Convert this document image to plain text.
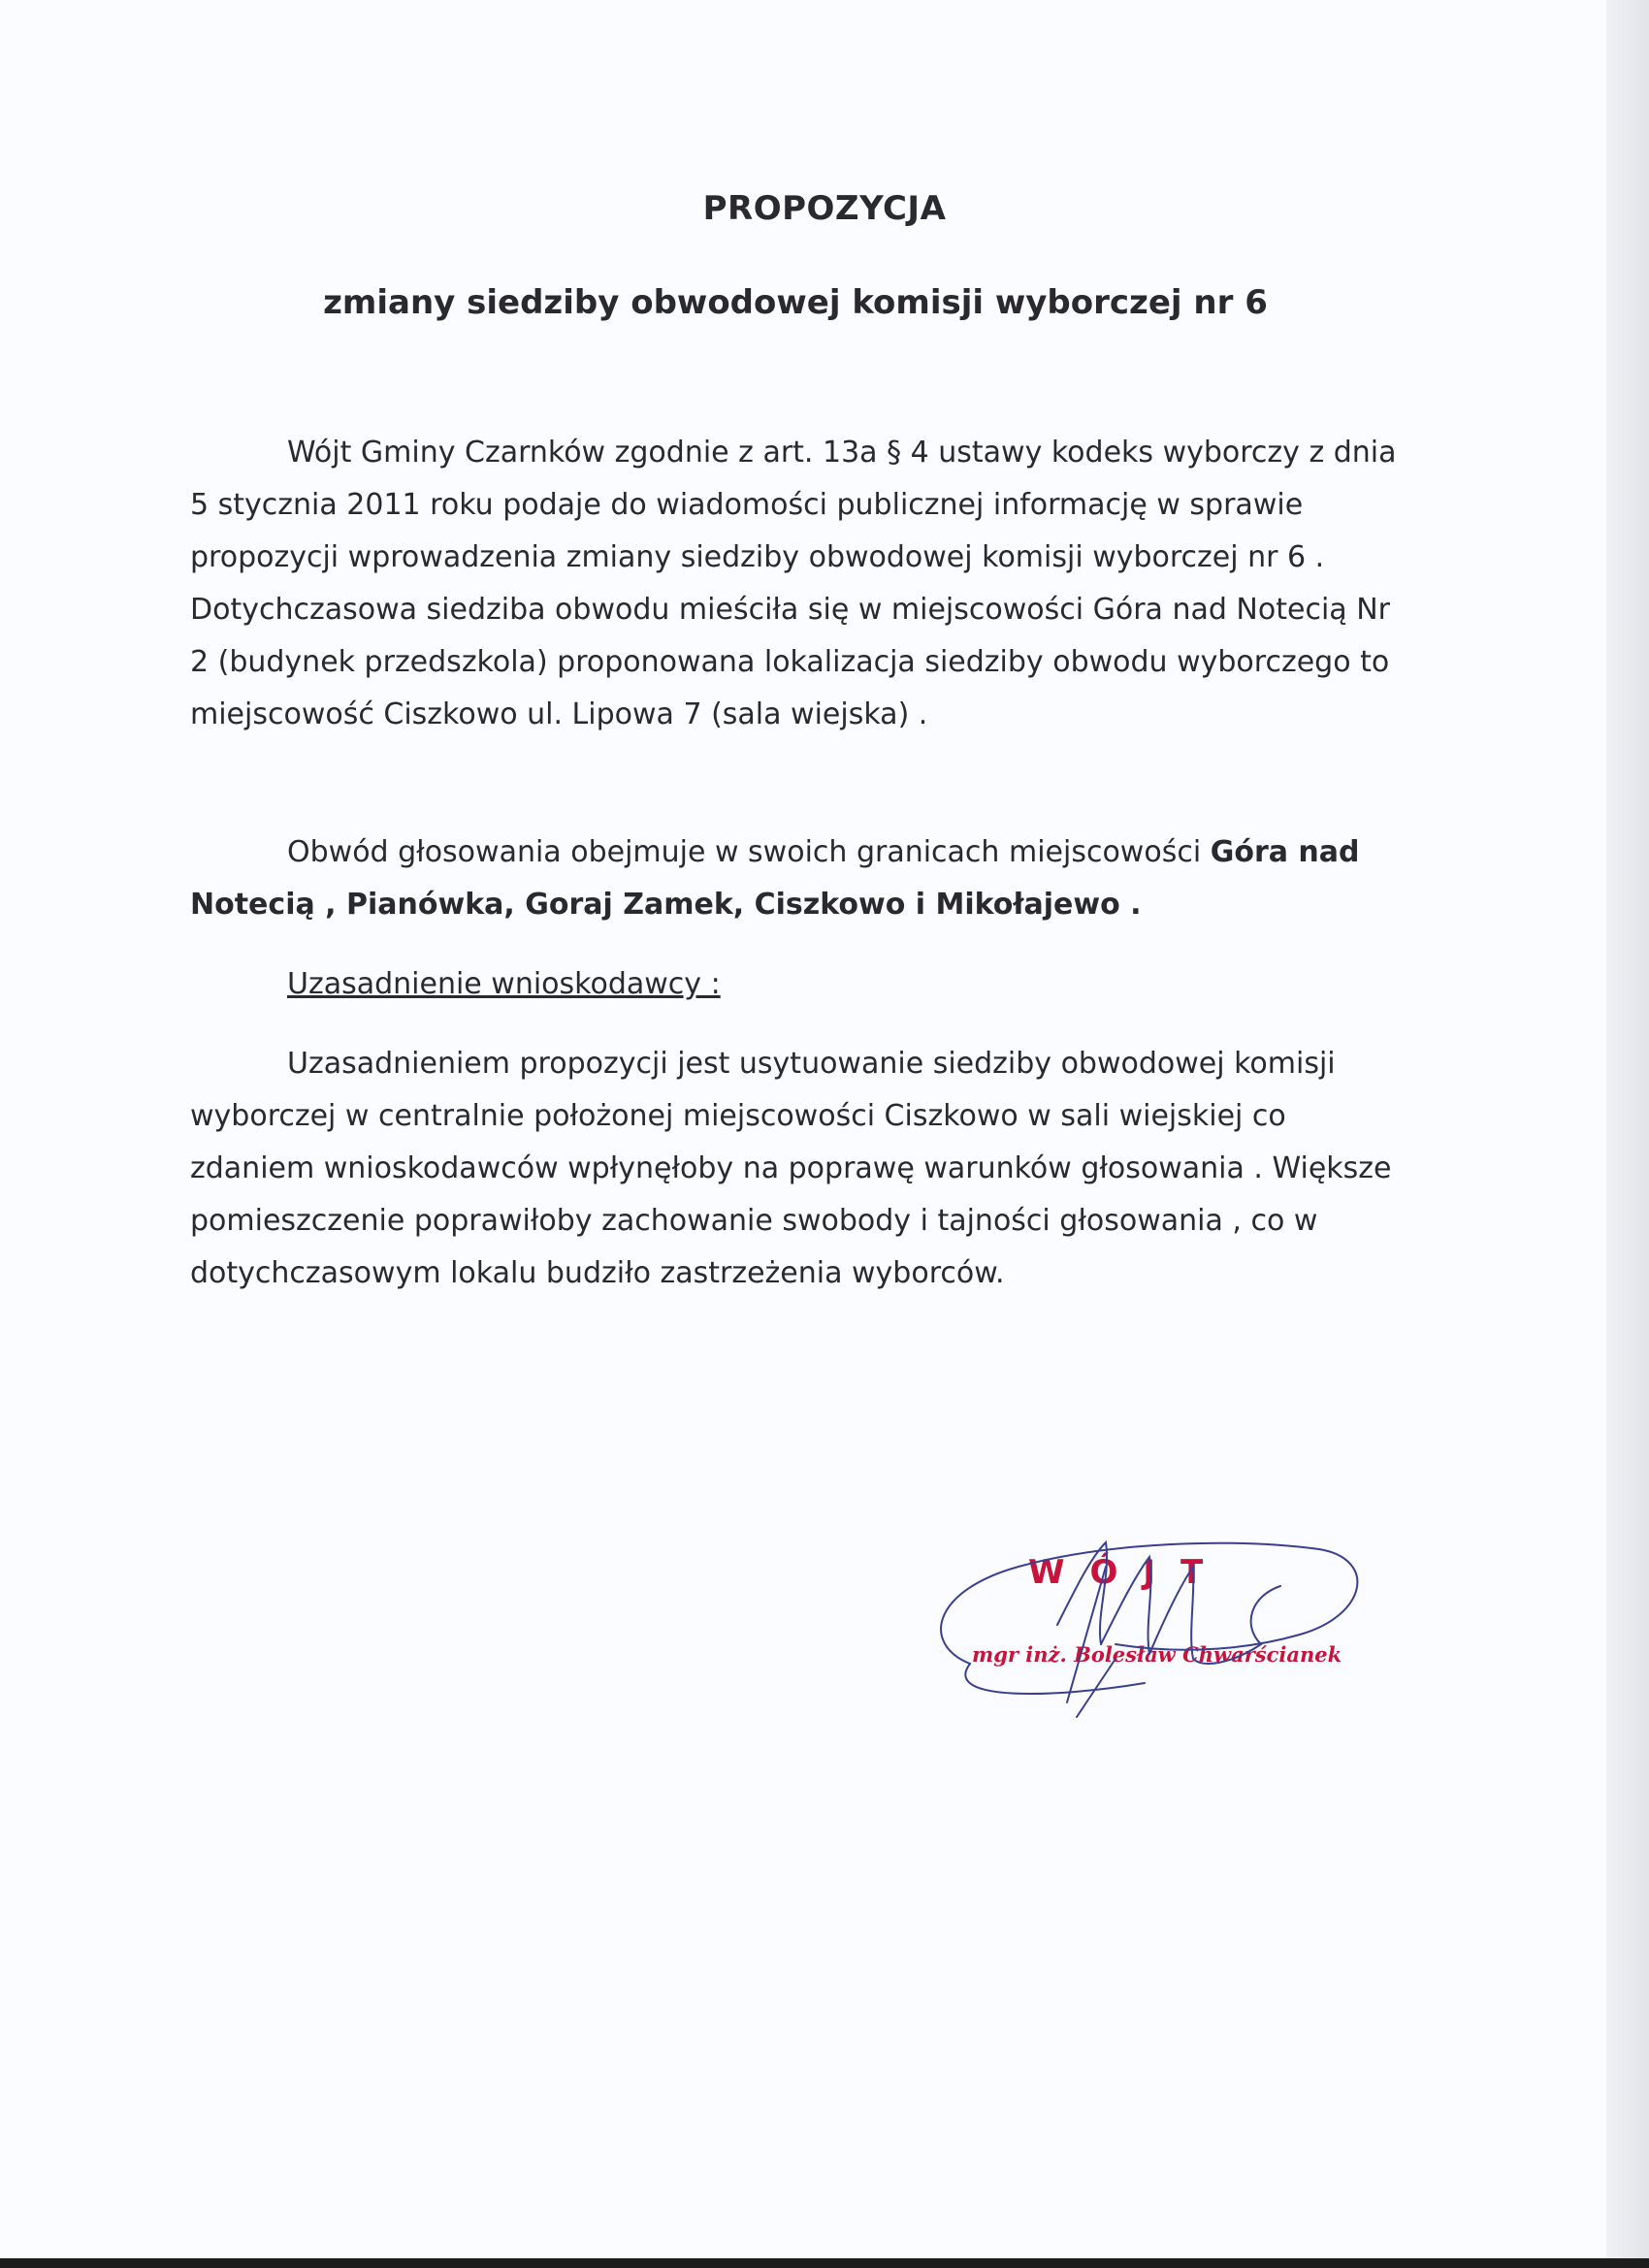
PROPOZYCJA
zmiany siedziby obwodowej komisji wyborczej nr 6
Wójt Gminy Czarnków zgodnie z art. 13a § 4 ustawy kodeks wyborczy z dnia 5 stycznia 2011 roku podaje do wiadomości publicznej informację w sprawie propozycji wprowadzenia zmiany siedziby obwodowej komisji wyborczej nr 6 . Dotychczasowa siedziba obwodu mieściła się w miejscowości Góra nad Notecią Nr 2 (budynek przedszkola) proponowana lokalizacja siedziby obwodu wyborczego to miejscowość Ciszkowo ul. Lipowa 7 (sala wiejska) .
Obwód głosowania obejmuje w swoich granicach miejscowości Góra nad Notecią , Pianówka, Goraj Zamek, Ciszkowo i Mikołajewo .
Uzasadnienie wnioskodawcy :
Uzasadnieniem propozycji jest usytuowanie siedziby obwodowej komisji wyborczej w centralnie położonej miejscowości Ciszkowo w sali wiejskiej co zdaniem wnioskodawców wpłynęłoby na poprawę warunków głosowania . Większe pomieszczenie poprawiłoby zachowanie swobody i tajności głosowania , co w dotychczasowym lokalu budziło zastrzeżenia wyborców.
WÓJT
mgr inż. Bolesław Chwarścianek
